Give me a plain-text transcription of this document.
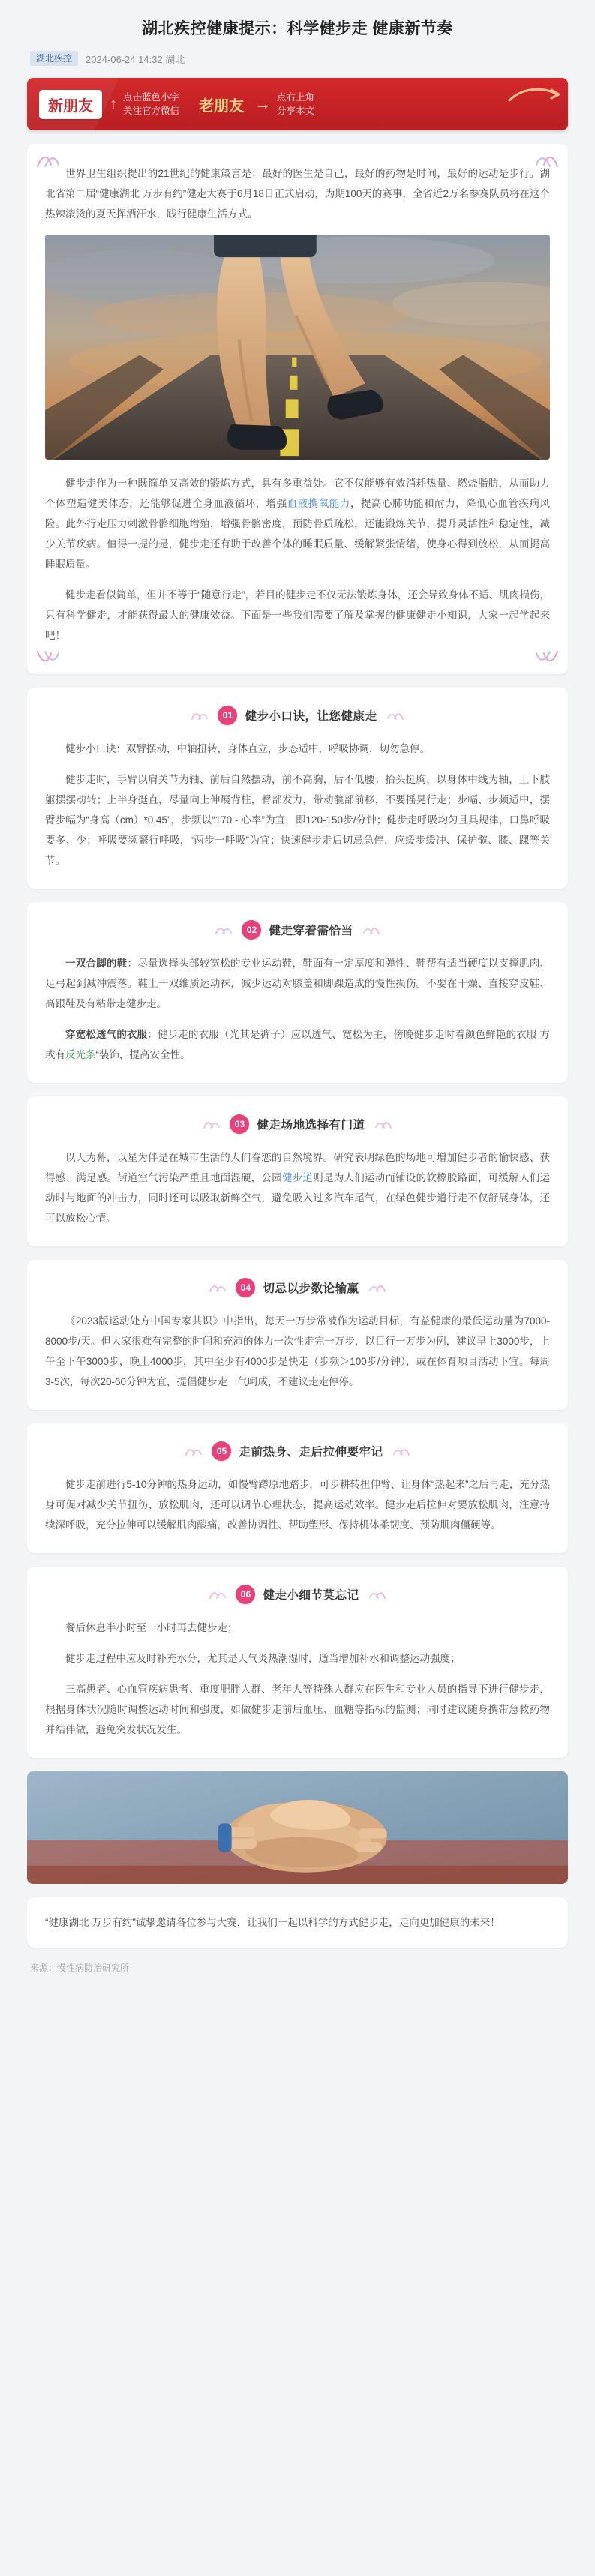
湖北疾控健康提示：科学健步走 健康新节奏
湖北疾控	2024-06-24 14:32 湖北
新朋友	↑ 点击蓝色小字
关注官方微信 老朋友 → 点右上角
分享本文

世界卫生组织提出的21世纪的健康箴言是：最好的医生是自己，最好的药物是时间，最好的运动是步行。湖北省第二届“健康湖北 万步有约”健走大赛于6月18日正式启动，为期100天的赛事，全省近2万名参赛队员将在这个热辣滚烫的夏天挥洒汗水，践行健康生活方式。

健步走作为一种既简单又高效的锻炼方式，具有多重益处。它不仅能够有效消耗热量、燃烧脂肪，从而助力个体塑造健美体态，还能够促进全身血液循环，增强血液携氧能力，提高心肺功能和耐力，降低心血管疾病风险。此外行走压力刺激骨骼细胞增殖，增强骨骼密度，预防骨质疏松，还能锻炼关节，提升灵活性和稳定性，减少关节疾病。值得一提的是，健步走还有助于改善个体的睡眠质量、缓解紧张情绪，使身心得到放松，从而提高睡眠质量。

健步走看似简单，但并不等于“随意行走”，若目的健步走不仅无法锻炼身体，还会导致身体不适、肌肉损伤，只有科学健走，才能获得最大的健康效益。下面是一些我们需要了解及掌握的健康健走小知识，大家一起学起来吧！

01	健步小口诀，让您健康走

健步小口诀：双臂摆动，中轴扭转，身体直立，步态适中，呼吸协调，切勿急停。

健步走时，手臂以肩关节为轴、前后自然摆动，前不高胸，后不低腰；抬头挺胸，以身体中线为轴，上下肢躯摆摆动转；上半身挺直，尽量向上伸展背柱，臀部发力，带动髋部前移，不要摇晃行走；步幅、步频适中，摆臂步幅为“身高（cm）*0.45”，步频以“170 - 心率”为宜，即120-150步/分钟；健步走呼吸均匀且具规律，口鼻呼吸要多、少；呼吸要频繁行呼吸，“两步一呼吸”为宜；快速健步走后切忌急停，应缓步缓冲、保护髋、膝、踝等关节。

02	健走穿着需恰当

一双合脚的鞋：尽量选择头部较宽松的专业运动鞋，鞋面有一定厚度和弹性、鞋帮有适当硬度以支撑肌肉、足弓起到减冲震落。鞋上一双维质运动袜，减少运动对膝盖和脚踝造成的慢性损伤。不要在干燥、直接穿皮鞋、高跟鞋及有粘带走健步走。

穿宽松透气的衣服：健步走的衣服（光其是裤子）应以透气、宽松为主，傍晚健步走时着颜色鲜艳的衣服 方或有反光条“装饰，提高安全性。

03	健走场地选择有门道

以天为幕，以星为伴是在城市生活的人们眷恋的自然境界。研究表明绿色的场地可增加健步者的愉快感、获得感、满足感。街道空气污染严重且地面湿硬，公园健步道则是为人们运动而铺设的软橡胶路面，可缓解人们运动时与地面的冲击力，同时还可以吸取新鲜空气，避免吸入过多汽车尾气，在绿色健步道行走不仅舒展身体，还可以放松心情。

04	切忌以步数论输赢

《2023版运动处方中国专家共识》中指出，每天一万步常被作为运动目标，有益健康的最低运动量为7000-8000步/天。但大家很难有完整的时间和充沛的体力一次性走完一万步，以目行一万步为例，建议早上3000步，上午至下午3000步，晚上4000步，其中至少有4000步是快走（步频＞100步/分钟），或在体育项目活动下宜。每周3-5次，每次20-60分钟为宜，提倡健步走一气呵成，不建议走走停停。

05	走前热身、走后拉伸要牢记

健步走前进行5-10分钟的热身运动，如慢臂蹲原地踏步，可步耕转扭伸臂、让身体“热起来”之后再走，充分热身可促对减少关节扭伤、放松肌肉，还可以调节心理状态，提高运动效率。健步走后拉伸对要放松肌肉，注意持续深呼吸，充分拉伸可以缓解肌肉酸痛，改善协调性、帮助塑形、保持机体柔韧度、预防肌肉僵硬等。

06	健走小细节莫忘记

餐后休息半小时至一小时再去健步走；

健步走过程中应及时补充水分，尤其是天气炎热潮湿时，适当增加补水和调整运动强度；

三高患者、心血管疾病患者、重度肥胖人群、老年人等特殊人群应在医生和专业人员的指导下进行健步走，根据身体状况随时调整运动时间和强度，如做健步走前后血压、血糖等指标的监测；同时建议随身携带急救药物并结伴做，避免突发状况发生。

“健康湖北 万步有约”诚挚邀请各位参与大赛，让我们一起以科学的方式健步走，走向更加健康的未来！

来源：慢性病防治研究所
